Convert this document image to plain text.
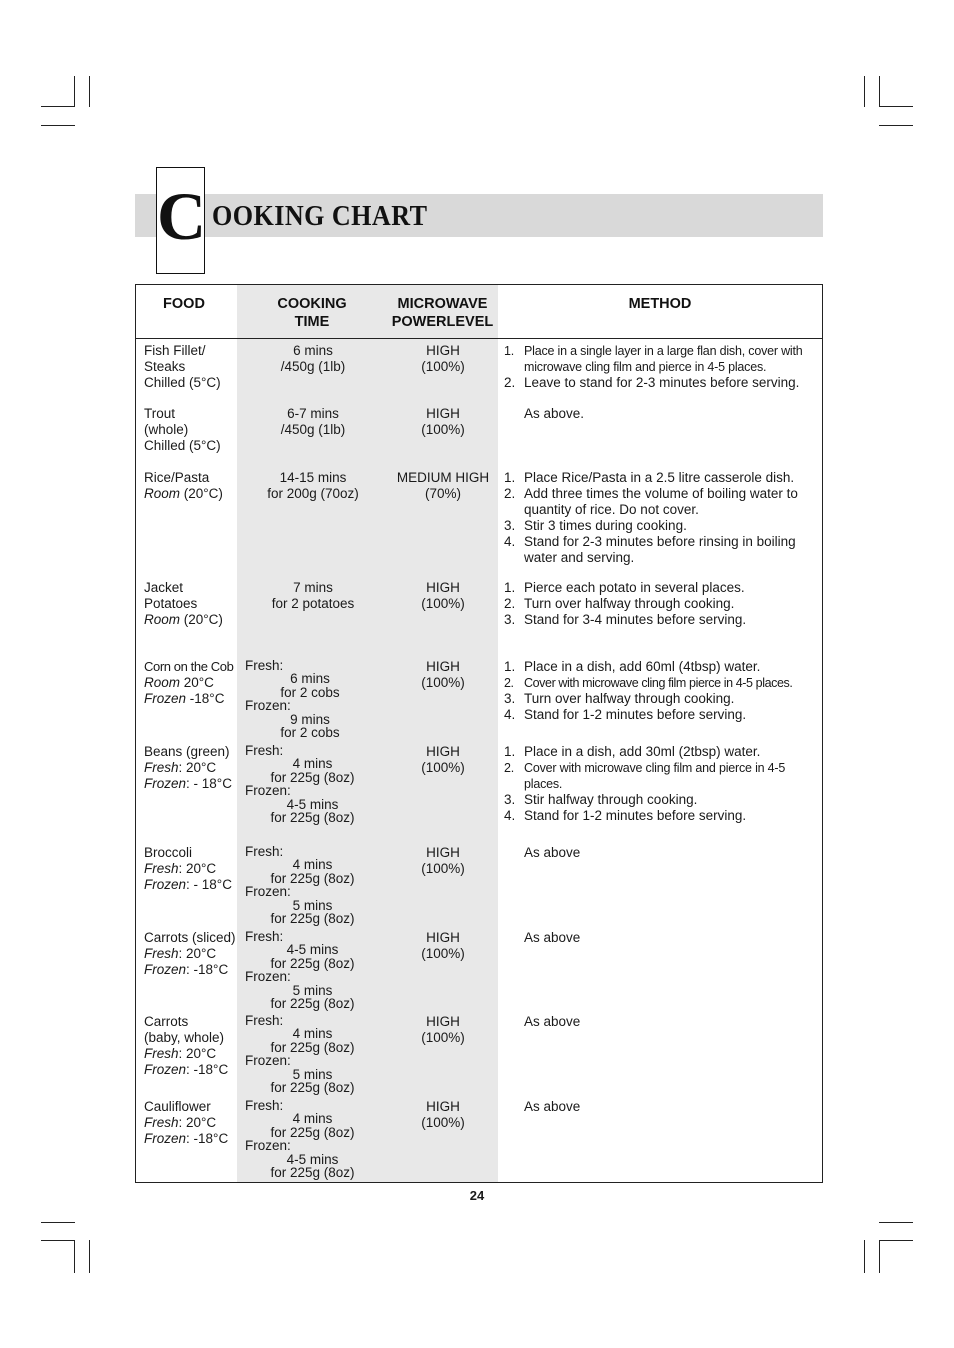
C OOKING CHART
FOOD	COOKING
TIME
MICROWAVE
POWERLEVEL
METHOD
Fish Fillet/
Steaks
Chilled (5°C)
6 mins
/450g (1lb)
HIGH
(100%)
1. Place in a single layer in a large flan dish, cover with microwave cling film and pierce in 4-5 places.
2. Leave to stand for 2-3 minutes before serving.
Trout
(whole)
Chilled (5°C)
6-7 mins
/450g (1lb)
HIGH
(100%)
As above.
Rice/Pasta
Room (20°C)
14-15 mins
for 200g (70oz)
MEDIUM HIGH
(70%)
1. Place Rice/Pasta in a 2.5 litre casserole dish.
2. Add three times the volume of boiling water to quantity of rice. Do not cover.
3. Stir 3 times during cooking.
4. Stand for 2-3 minutes before rinsing in boiling water and serving.
Jacket
Potatoes
Room (20°C)
7 mins
for 2 potatoes
HIGH
(100%)
1. Pierce each potato in several places.
2. Turn over halfway through cooking.
3. Stand for 3-4 minutes before serving.
Corn on the Cob
Room 20°C
Frozen -18°C
Fresh:
6 mins
for 2 cobs
Frozen:
9 mins
for 2 cobs
HIGH
(100%)
1. Place in a dish, add 60ml (4tbsp) water.
2. Cover with microwave cling film pierce in 4-5 places.
3. Turn over halfway through cooking.
4. Stand for 1-2 minutes before serving.
Beans (green)
Fresh: 20°C
Frozen: - 18°C
Fresh:
4 mins
for 225g (8oz)
Frozen:
4-5 mins
for 225g (8oz)
HIGH
(100%)
1. Place in a dish, add 30ml (2tbsp) water.
2. Cover with microwave cling film and pierce in 4-5 places.
3. Stir halfway through cooking.
4. Stand for 1-2 minutes before serving.
Broccoli
Fresh: 20°C
Frozen: - 18°C
Fresh:
4 mins
for 225g (8oz)
Frozen:
5 mins
for 225g (8oz)
HIGH
(100%)
As above
Carrots (sliced)
Fresh: 20°C
Frozen: -18°C
Fresh:
4-5 mins
for 225g (8oz)
Frozen:
5 mins
for 225g (8oz)
HIGH
(100%)
As above
Carrots
(baby, whole)
Fresh: 20°C
Frozen: -18°C
Fresh:
4 mins
for 225g (8oz)
Frozen:
5 mins
for 225g (8oz)
HIGH
(100%)
As above
Cauliflower
Fresh: 20°C
Frozen: -18°C
Fresh:
4 mins
for 225g (8oz)
Frozen:
4-5 mins
for 225g (8oz)
HIGH
(100%)
As above
24
